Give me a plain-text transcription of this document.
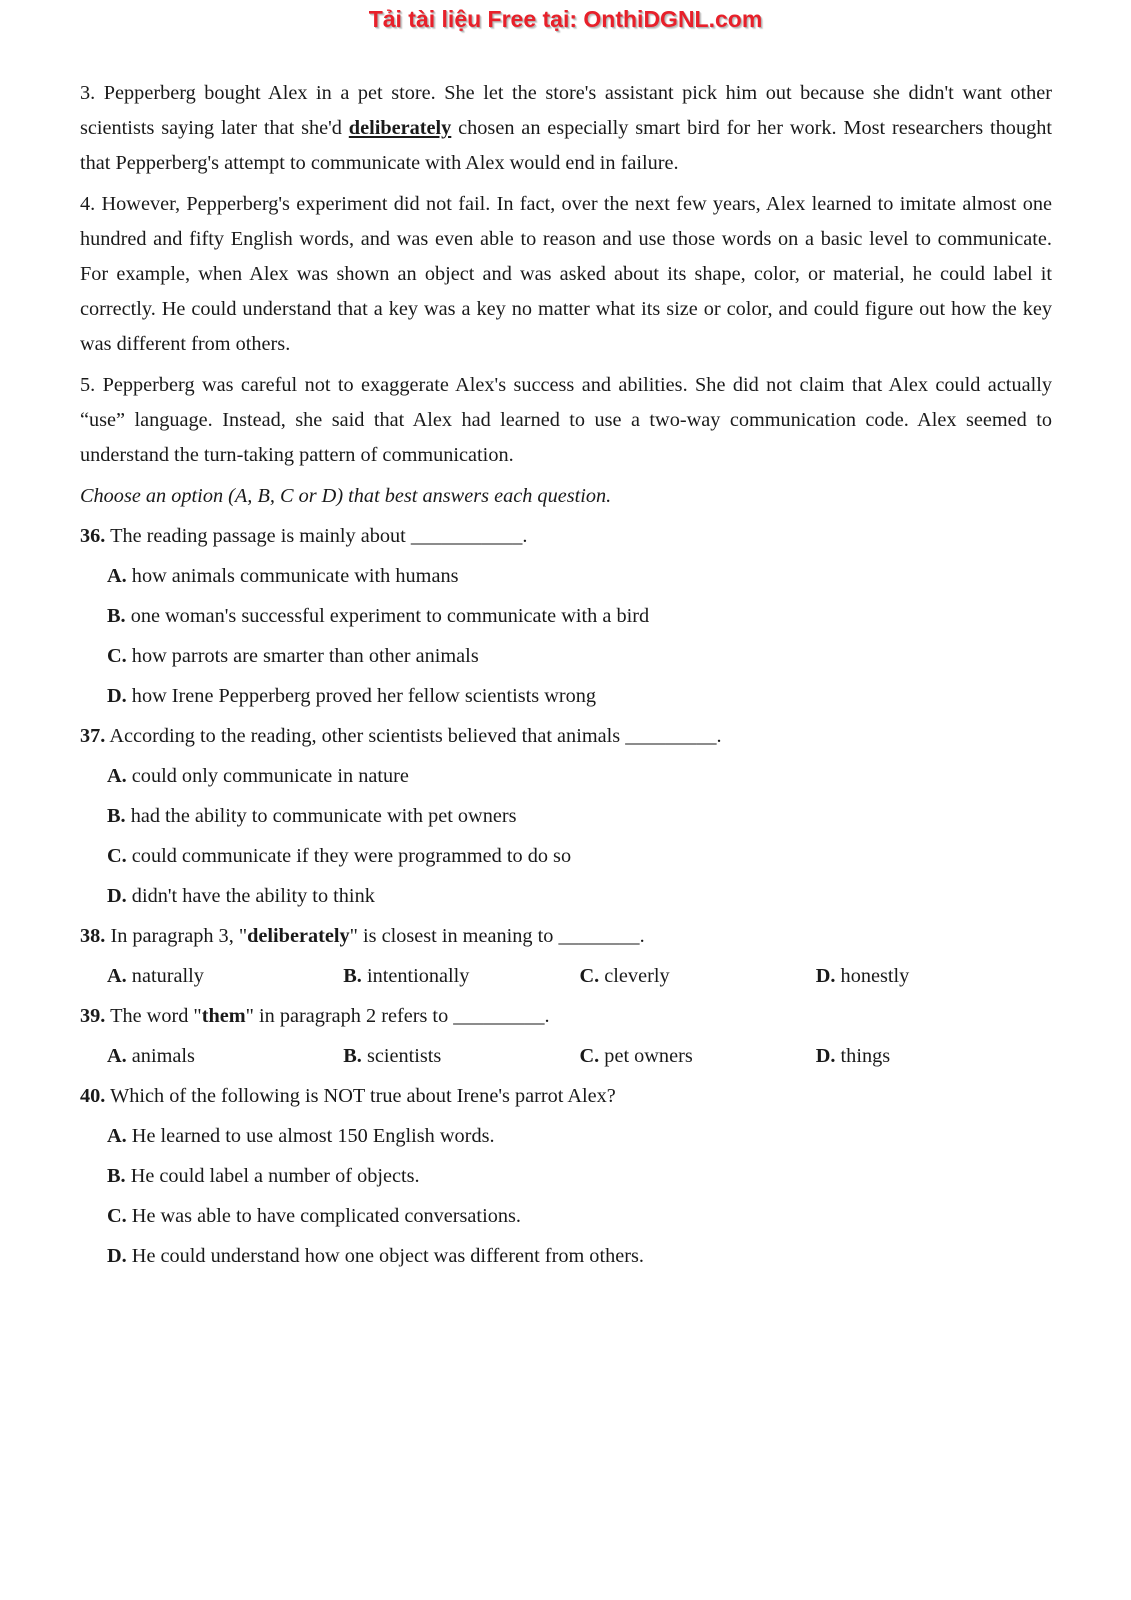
Tải tài liệu Free tại: OnthiDGNL.com

3. Pepperberg bought Alex in a pet store. She let the store's assistant pick him out because she didn't want other scientists saying later that she'd deliberately chosen an especially smart bird for her work. Most researchers thought that Pepperberg's attempt to communicate with Alex would end in failure.

4. However, Pepperberg's experiment did not fail. In fact, over the next few years, Alex learned to imitate almost one hundred and fifty English words, and was even able to reason and use those words on a basic level to communicate. For example, when Alex was shown an object and was asked about its shape, color, or material, he could label it correctly. He could understand that a key was a key no matter what its size or color, and could figure out how the key was different from others.

5. Pepperberg was careful not to exaggerate Alex's success and abilities. She did not claim that Alex could actually “use” language. Instead, she said that Alex had learned to use a two-way communication code. Alex seemed to understand the turn-taking pattern of communication.

Choose an option (A, B, C or D) that best answers each question.

36. The reading passage is mainly about ___________.
A. how animals communicate with humans
B. one woman's successful experiment to communicate with a bird
C. how parrots are smarter than other animals
D. how Irene Pepperberg proved her fellow scientists wrong
37. According to the reading, other scientists believed that animals _________.
A. could only communicate in nature
B. had the ability to communicate with pet owners
C. could communicate if they were programmed to do so
D. didn't have the ability to think
38. In paragraph 3, "deliberately" is closest in meaning to ________.
A. naturally	B. intentionally	C. cleverly	D. honestly
39. The word "them" in paragraph 2 refers to _________.
A. animals	B. scientists	C. pet owners	D. things
40. Which of the following is NOT true about Irene's parrot Alex?
A. He learned to use almost 150 English words.
B. He could label a number of objects.
C. He was able to have complicated conversations.
D. He could understand how one object was different from others.
